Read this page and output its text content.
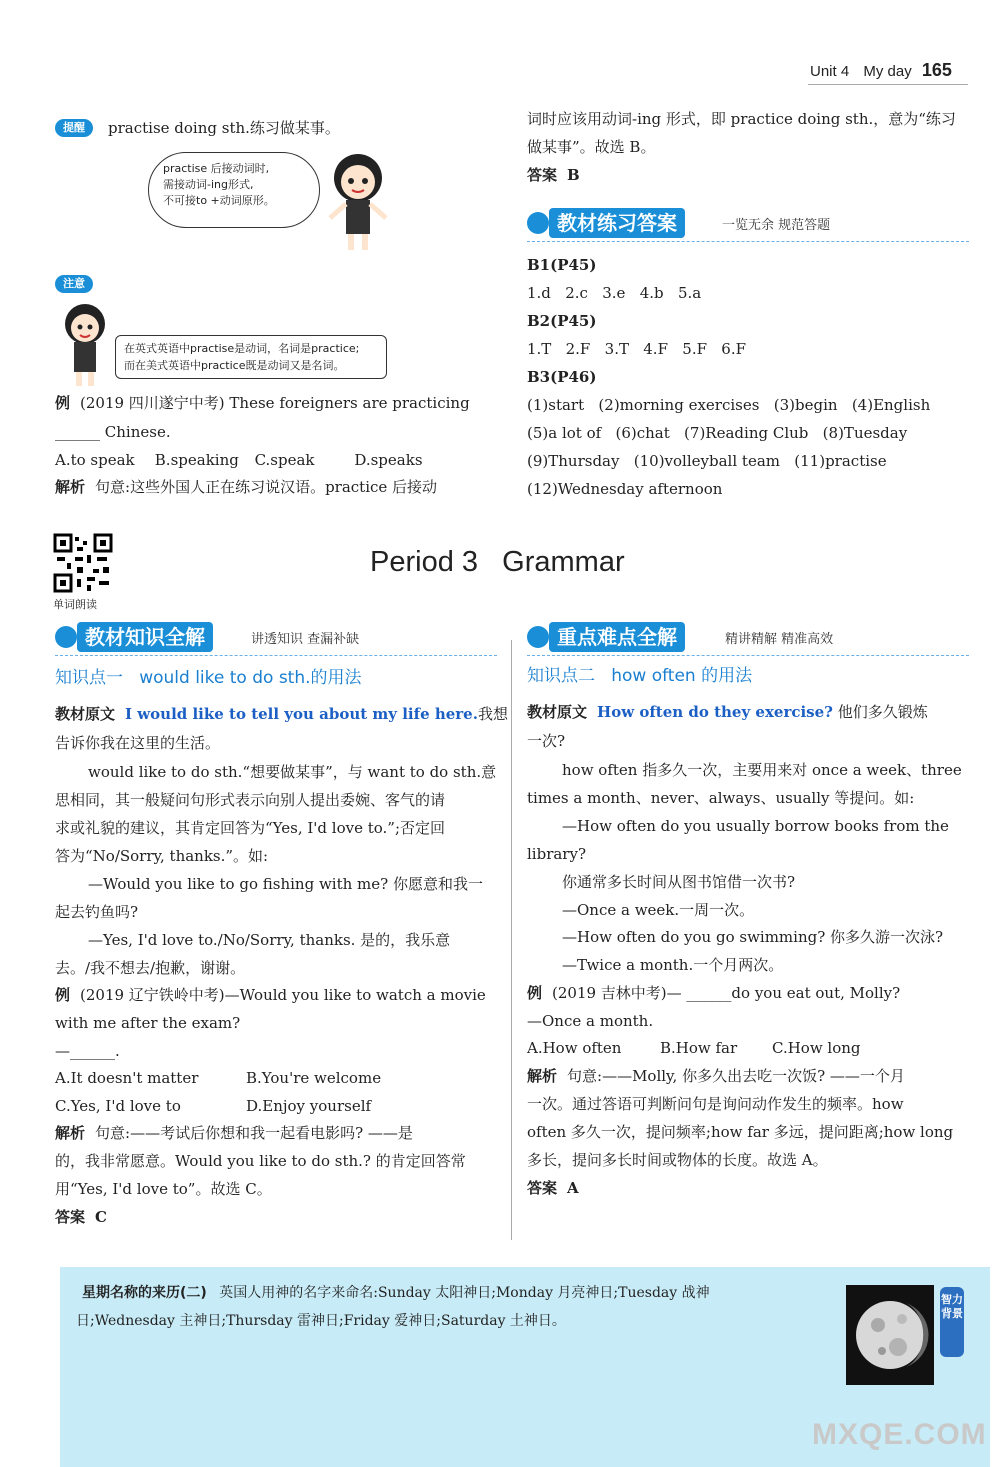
Unit 4 My day 165
提醒	practise doing sth.练习做某事。
practise 后接动词时,
需接动词-ing形式,
不可接to +动词原形。
注意
在英式英语中practise是动词，名词是practice;
而在美式英语中practice既是动词又是名词。
例 (2019 四川遂宁中考) These foreigners are practicing
______ Chinese.
A.to speak B.speaking C.speak	D.speaks
解析 句意:这些外国人正在练习说汉语。practice 后接动
词时应该用动词-ing 形式，即 practice doing sth.，意为“练习
做某事”。故选 B。
答案 B
教材练习答案	一览无余 规范答题
B1(P45)
1.d   2.c   3.e   4.b   5.a
B2(P45)
1.T   2.F   3.T   4.F   5.F   6.F
B3(P46)
(1)start   (2)morning exercises   (3)begin   (4)English
(5)a lot of   (6)chat   (7)Reading Club   (8)Tuesday
(9)Thursday   (10)volleyball team   (11)practise
(12)Wednesday afternoon
单词朗读
Period 3   Grammar
教材知识全解	讲透知识 查漏补缺
知识点一   would like to do sth.的用法
教材原文 I would like to tell you about my life here.我想
告诉你我在这里的生活。
would like to do sth.“想要做某事”，与 want to do sth.意
思相同，其一般疑问句形式表示向别人提出委婉、客气的请
求或礼貌的建议，其肯定回答为“Yes, I'd love to.”;否定回
答为“No/Sorry, thanks.”。如:
—Would you like to go fishing with me? 你愿意和我一
起去钓鱼吗?
—Yes, I'd love to./No/Sorry, thanks. 是的，我乐意
去。/我不想去/抱歉，谢谢。
例 (2019 辽宁铁岭中考)—Would you like to watch a movie
with me after the exam?
—______.
A.It doesn't matter	B.You're welcome
C.Yes, I'd love to	D.Enjoy yourself
解析 句意:——考试后你想和我一起看电影吗? ——是
的，我非常愿意。Would you like to do sth.? 的肯定回答常
用“Yes, I'd love to”。故选 C。
答案 C
重点难点全解	精讲精解 精准高效
知识点二   how often 的用法
教材原文 How often do they exercise? 他们多久锻炼
一次?
how often 指多久一次，主要用来对 once a week、three
times a month、never、always、usually 等提问。如:
—How often do you usually borrow books from the
library?
你通常多长时间从图书馆借一次书?
—Once a week.一周一次。
—How often do you go swimming? 你多久游一次泳?
—Twice a month.一个月两次。
例 (2019 吉林中考)— ______do you eat out, Molly?
—Once a month.
A.How often	B.How far C.How long
解析 句意:——Molly, 你多久出去吃一次饭? ——一个月
一次。通过答语可判断问句是询问动作发生的频率。how
often 多久一次，提问频率;how far 多远，提问距离;how long
多长，提问多长时间或物体的长度。故选 A。
答案 A
星期名称的来历(二) 英国人用神的名字来命名:Sunday 太阳神日;Monday 月亮神日;Tuesday 战神
日;Wednesday 主神日;Thursday 雷神日;Friday 爱神日;Saturday 土神日。
智力背景
MXQE.COM
